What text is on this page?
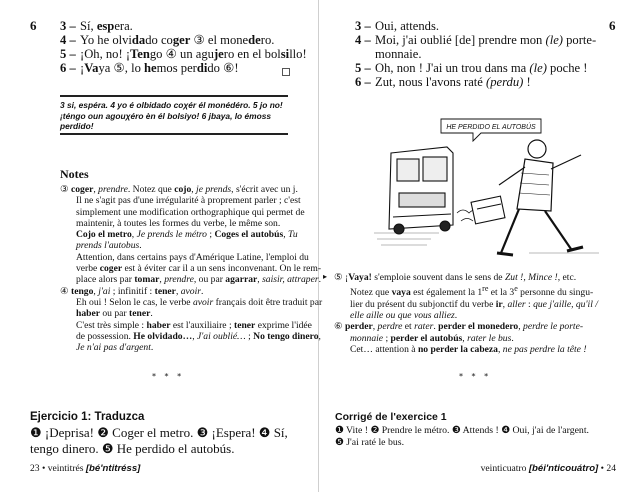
6 3 – Sí, espera.
4 – Yo he olvidado coger ③ el monedero.
5 – ¡Oh, no! ¡Tengo ④ un agujero en el bolsillo!
6 – ¡Vaya ⑤, lo hemos perdido ⑥!
3 si, espéra. 4 yo é olbidado coχér él monédéro. 5 jo no! ¡téngo oun agouχéro èn él bolsiyo! 6 jbaya, lo émoss perdido!
Notes
③ coger, prendre. Notez que cojo, je prends, s'écrit avec un j.
Il ne s'agit pas d'une irrégularité à proprement parler ; c'est
simplement une modification orthographique qui permet de
maintenir, à toutes les formes du verbe, le même son.
Cojo el metro, Je prends le métro ; Coges el autobús, Tu
prends l'autobus.
Attention, dans certains pays d'Amérique Latine, l'emploi du
verbe coger est à éviter car il a un sens inconvenant. On le rem-
place alors par tomar, prendre, ou par agarrar, saisir, attraper.
④ tengo, j'ai ; infinitif : tener, avoir.
Eh oui ! Selon le cas, le verbe avoir français doit être traduit par
haber ou par tener.
C'est très simple : haber est l'auxiliaire ; tener exprime l'idée
de possession. He olvidado…, J'ai oublié… ; No tengo dinero,
Je n'ai pas d'argent.
* * *
Ejercicio 1: Traduzca
❶ ¡Deprisa! ❷ Coger el metro. ❸ ¡Espera! ❹ Sí,
tengo dinero. ❺ He perdido el autobús.
23 • veintitrés [bé'ntitréss]
6
3 – Oui, attends.
4 – Moi, j'ai oublié [de] prendre mon (le) porte-
monnaie.
5 – Oh, non ! J'ai un trou dans ma (le) poche !
6 – Zut, nous l'avons raté (perdu) !
HE PERDIDO EL AUTOBÚS
▸ ⑤ ¡Vaya! s'emploie souvent dans le sens de Zut !, Mince !, etc.
Notez que vaya est également la 1re et la 3e personne du singu-
lier du présent du subjonctif du verbe ir, aller : que j'aille, qu'il /
elle aille ou que vous alliez.
⑥ perder, perdre et rater. perder el monedero, perdre le porte-
monnaie ; perder el autobús, rater le bus.
Cet… attention à no perder la cabeza, ne pas perdre la tête !
* * *
Corrigé de l'exercice 1
❶ Vite ! ❷ Prendre le métro. ❸ Attends ! ❹ Oui, j'ai de l'argent.
❺ J'ai raté le bus.
veinticuatro [béi'nticouátro] • 24
